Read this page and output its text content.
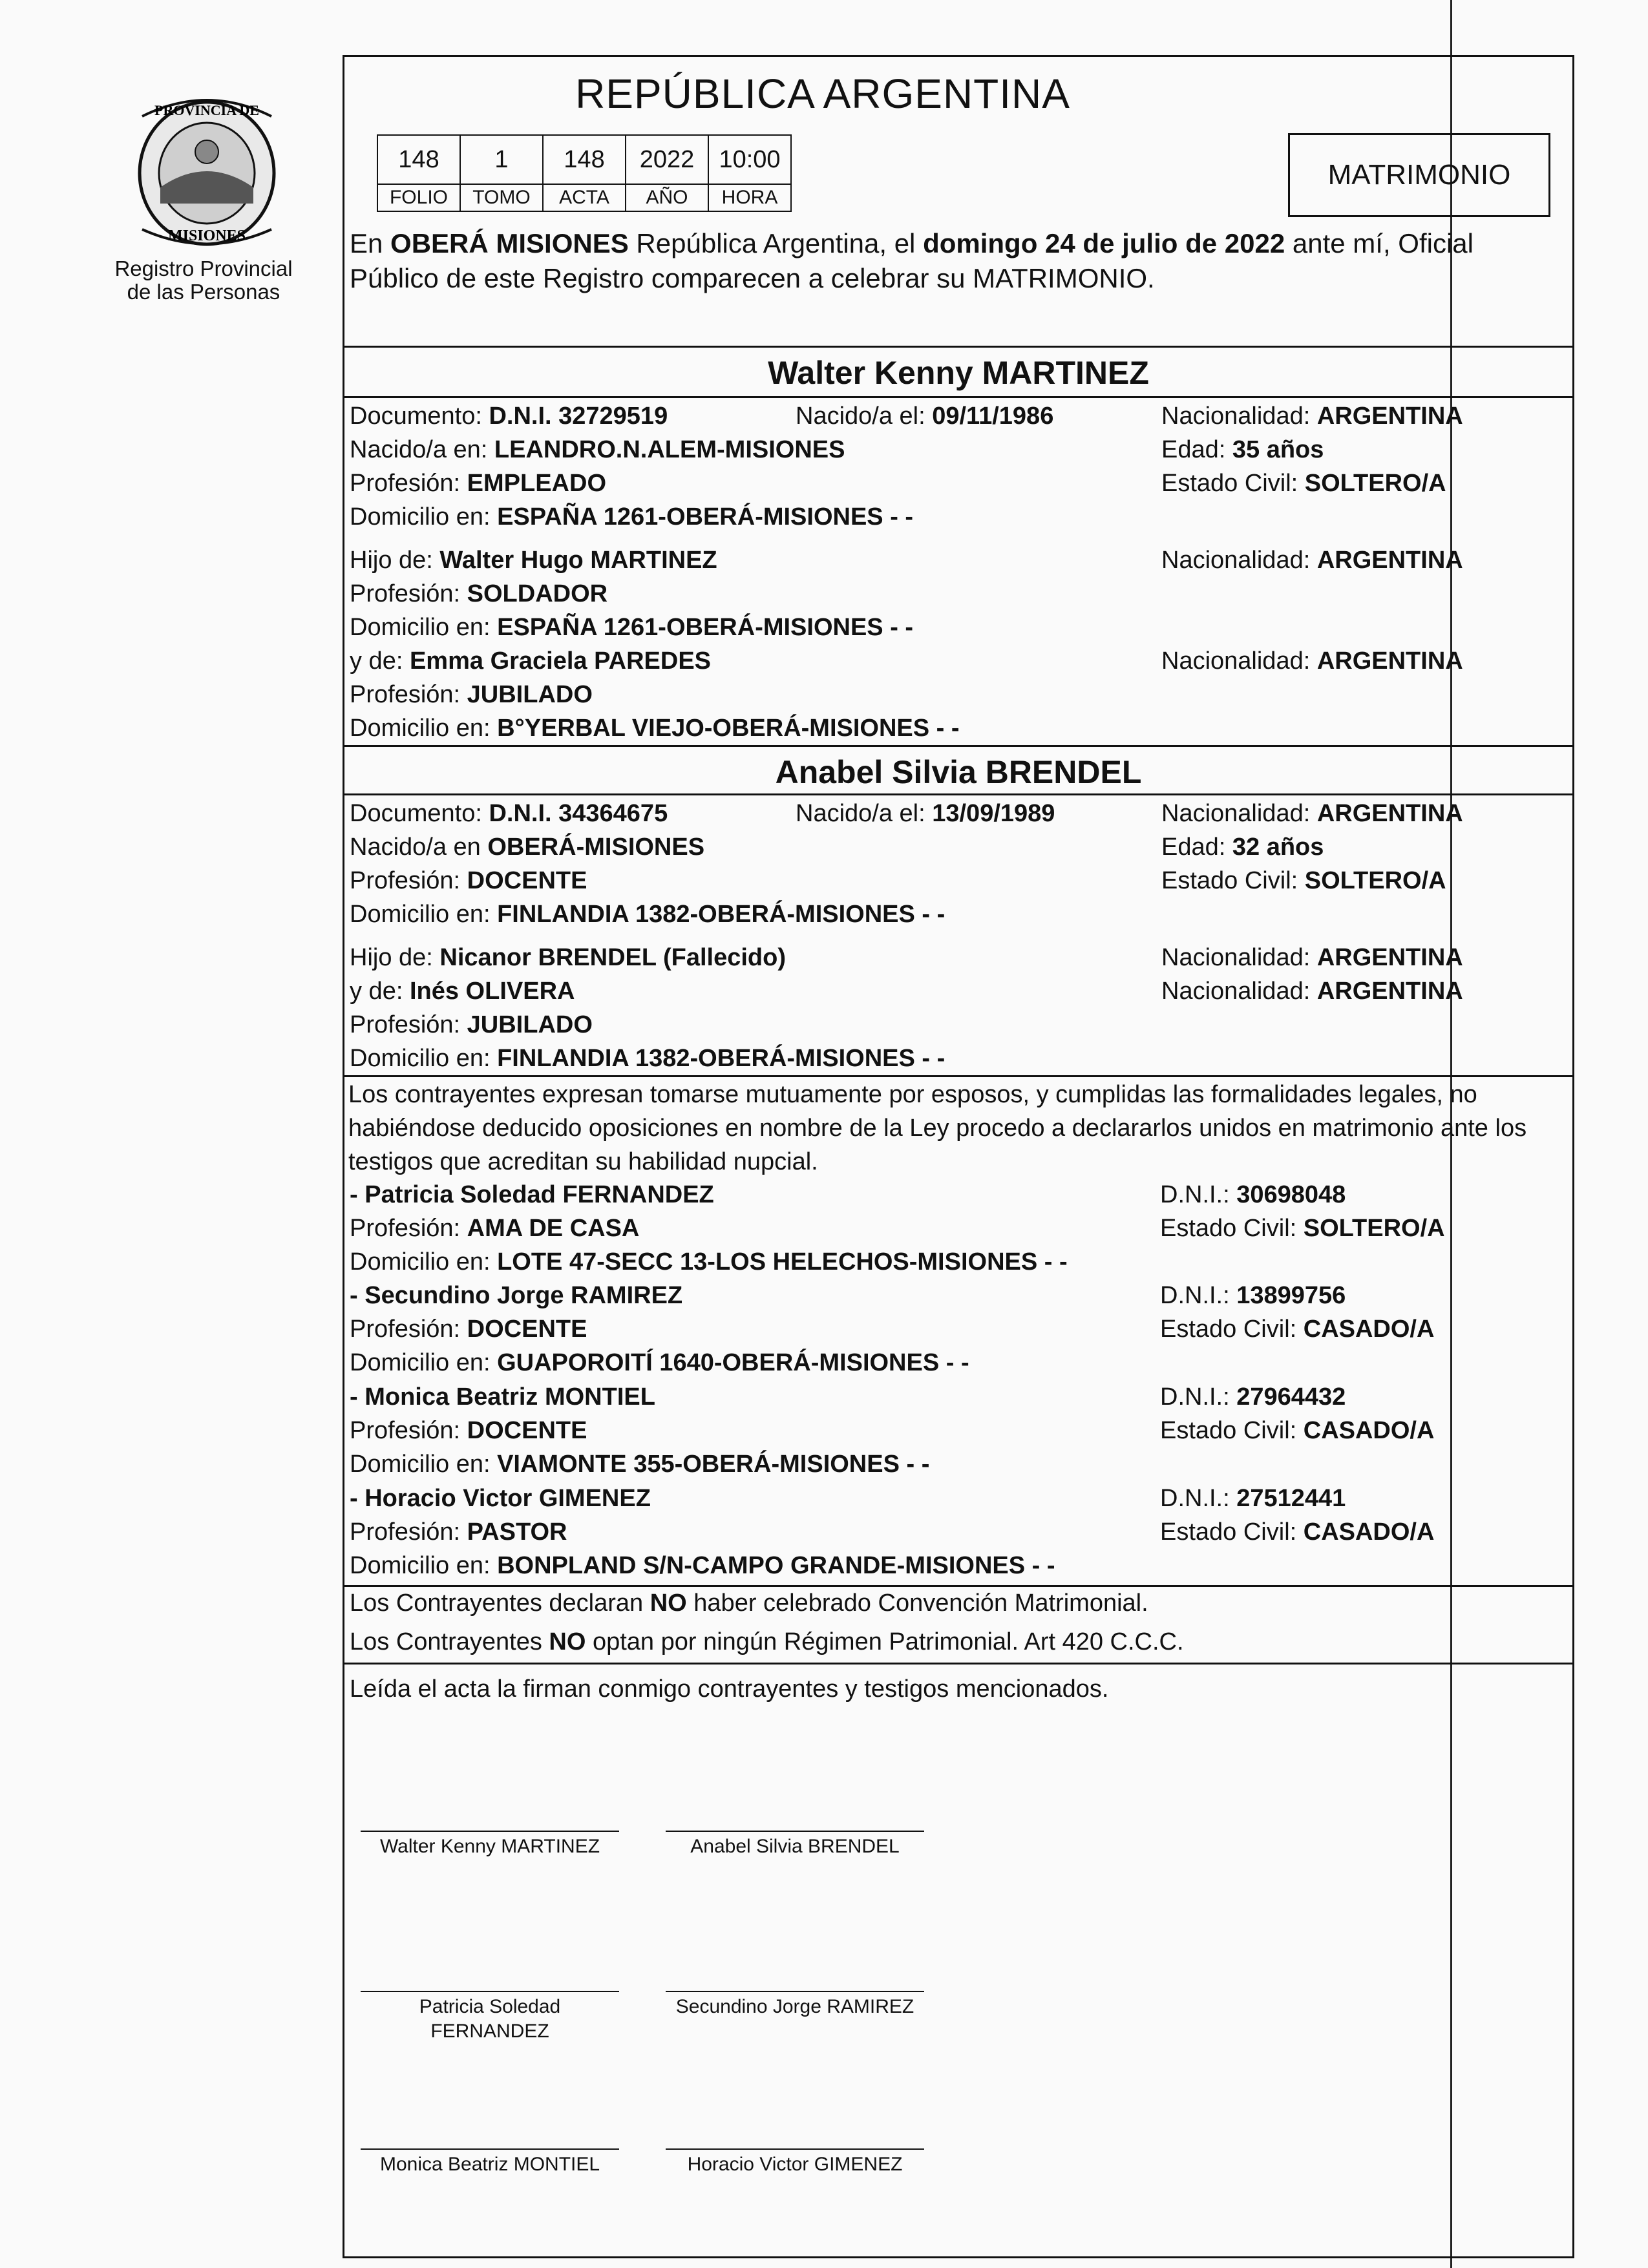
PROVINCIA DE
MISIONES
Registro Provincial
de las Personas
REPÚBLICA ARGENTINA
148	1	148	2022	10:00
FOLIO	TOMO	ACTA	AÑO	HORA
MATRIMONIO
En OBERÁ MISIONES República Argentina, el domingo 24 de julio de 2022 ante mí, Oficial Público de este Registro comparecen a celebrar su MATRIMONIO.
Walter Kenny MARTINEZ
Documento: D.N.I. 32729519	Nacido/a el: 09/11/1986	Nacionalidad: ARGENTINA
Nacido/a en: LEANDRO.N.ALEM-MISIONES	Edad: 35 años
Profesión: EMPLEADO	Estado Civil: SOLTERO/A
Domicilio en: ESPAÑA 1261-OBERÁ-MISIONES - -
Hijo de: Walter Hugo MARTINEZ	Nacionalidad: ARGENTINA
Profesión: SOLDADOR
Domicilio en: ESPAÑA 1261-OBERÁ-MISIONES - -
y de: Emma Graciela PAREDES	Nacionalidad: ARGENTINA
Profesión: JUBILADO
Domicilio en: B°YERBAL VIEJO-OBERÁ-MISIONES - -
Anabel Silvia BRENDEL
Documento: D.N.I. 34364675	Nacido/a el: 13/09/1989	Nacionalidad: ARGENTINA
Nacido/a en OBERÁ-MISIONES	Edad: 32 años
Profesión: DOCENTE	Estado Civil: SOLTERO/A
Domicilio en: FINLANDIA 1382-OBERÁ-MISIONES - -
Hijo de: Nicanor BRENDEL (Fallecido)	Nacionalidad: ARGENTINA
y de: Inés OLIVERA	Nacionalidad: ARGENTINA
Profesión: JUBILADO
Domicilio en: FINLANDIA 1382-OBERÁ-MISIONES - -
Los contrayentes expresan tomarse mutuamente por esposos, y cumplidas las formalidades legales, no habiéndose deducido oposiciones en nombre de la Ley procedo a declararlos unidos en matrimonio ante los testigos que acreditan su habilidad nupcial.
- Patricia Soledad FERNANDEZ	D.N.I.: 30698048
Profesión: AMA DE CASA	Estado Civil: SOLTERO/A
Domicilio en: LOTE 47-SECC 13-LOS HELECHOS-MISIONES - -
- Secundino Jorge RAMIREZ	D.N.I.: 13899756
Profesión: DOCENTE	Estado Civil: CASADO/A
Domicilio en: GUAPOROITÍ 1640-OBERÁ-MISIONES - -
- Monica Beatriz MONTIEL	D.N.I.: 27964432
Profesión: DOCENTE	Estado Civil: CASADO/A
Domicilio en: VIAMONTE 355-OBERÁ-MISIONES - -
- Horacio Victor GIMENEZ	D.N.I.: 27512441
Profesión: PASTOR	Estado Civil: CASADO/A
Domicilio en: BONPLAND S/N-CAMPO GRANDE-MISIONES - -
Los Contrayentes declaran NO haber celebrado Convención Matrimonial.
Los Contrayentes NO optan por ningún Régimen Patrimonial. Art 420 C.C.C.
Leída el acta la firman conmigo contrayentes y testigos mencionados.
Walter Kenny MARTINEZ	Anabel Silvia BRENDEL
Patricia Soledad FERNANDEZ
Secundino Jorge RAMIREZ
Monica Beatriz MONTIEL	Horacio Victor GIMENEZ
